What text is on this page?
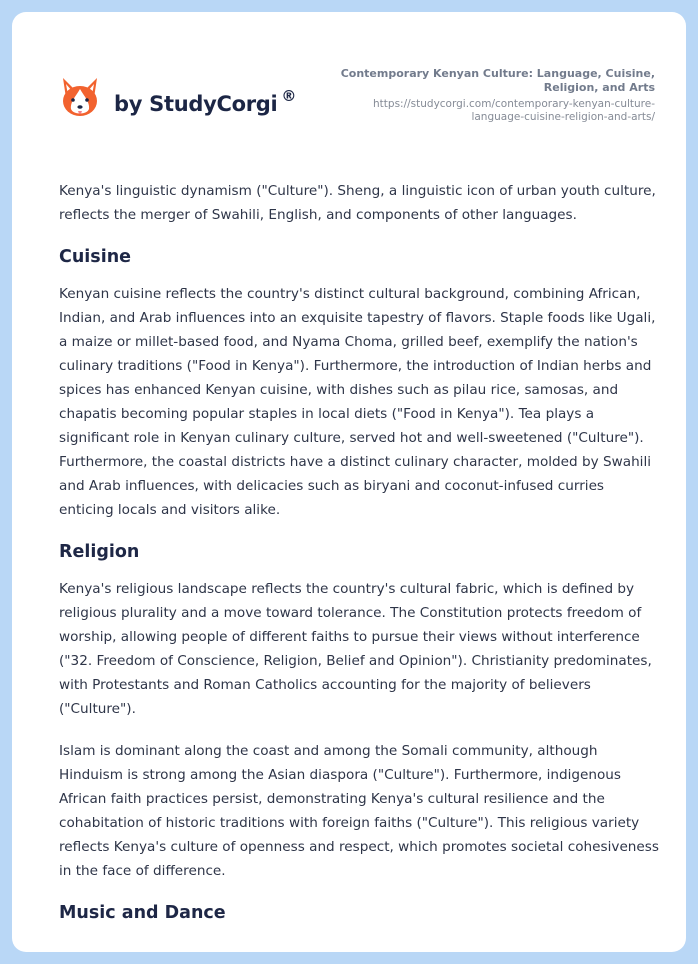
by StudyCorgi ®
Contemporary Kenyan Culture: Language, Cuisine, Religion, and Arts
https://studycorgi.com/contemporary-kenyan-culture-language-cuisine-religion-and-arts/

Kenya's linguistic dynamism ("Culture"). Sheng, a linguistic icon of urban youth culture, reflects the merger of Swahili, English, and components of other languages.

Cuisine

Kenyan cuisine reflects the country's distinct cultural background, combining African, Indian, and Arab influences into an exquisite tapestry of flavors. Staple foods like Ugali, a maize or millet-based food, and Nyama Choma, grilled beef, exemplify the nation's culinary traditions ("Food in Kenya"). Furthermore, the introduction of Indian herbs and spices has enhanced Kenyan cuisine, with dishes such as pilau rice, samosas, and chapatis becoming popular staples in local diets ("Food in Kenya"). Tea plays a significant role in Kenyan culinary culture, served hot and well-sweetened ("Culture"). Furthermore, the coastal districts have a distinct culinary character, molded by Swahili and Arab influences, with delicacies such as biryani and coconut-infused curries enticing locals and visitors alike.

Religion

Kenya's religious landscape reflects the country's cultural fabric, which is defined by religious plurality and a move toward tolerance. The Constitution protects freedom of worship, allowing people of different faiths to pursue their views without interference ("32. Freedom of Conscience, Religion, Belief and Opinion"). Christianity predominates, with Protestants and Roman Catholics accounting for the majority of believers ("Culture").

Islam is dominant along the coast and among the Somali community, although Hinduism is strong among the Asian diaspora ("Culture"). Furthermore, indigenous African faith practices persist, demonstrating Kenya's cultural resilience and the cohabitation of historic traditions with foreign faiths ("Culture"). This religious variety reflects Kenya's culture of openness and respect, which promotes societal cohesiveness in the face of difference.

Music and Dance
